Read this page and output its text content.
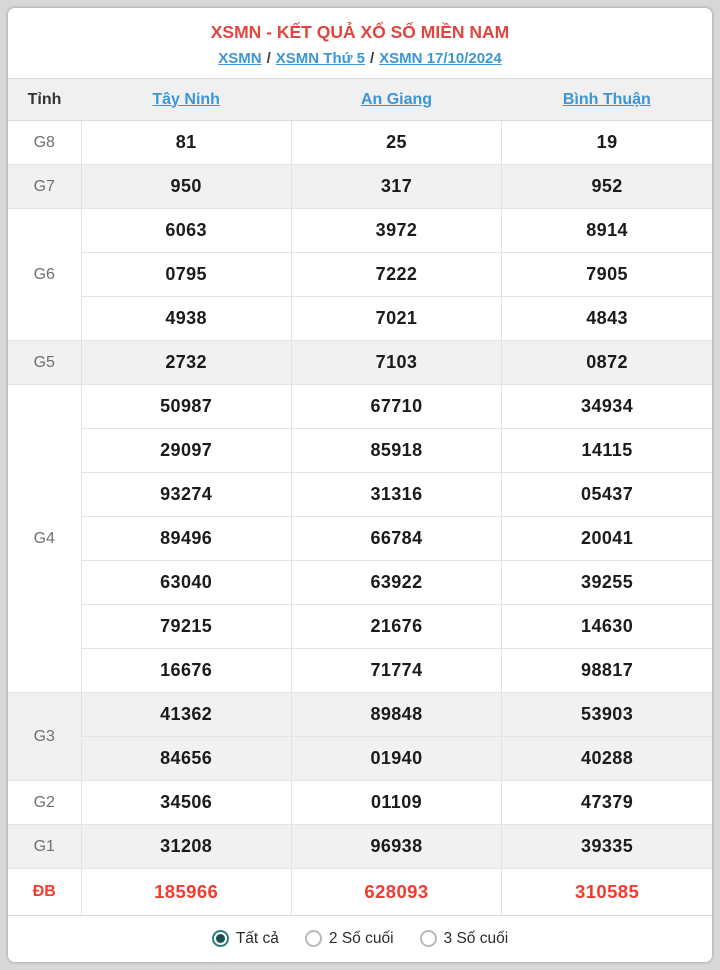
XSMN - KẾT QUẢ XỔ SỐ MIỀN NAM
XSMN / XSMN Thứ 5 / XSMN 17/10/2024
Tỉnh	Tây Ninh	An Giang	Bình Thuận
G8	81	25	19
G7	950	317	952
G6	6063	3972	8914
	0795	7222	7905
	4938	7021	4843
G5	2732	7103	0872
G4	50987	67710	34934
	29097	85918	14115
	93274	31316	05437
	89496	66784	20041
	63040	63922	39255
	79215	21676	14630
	16676	71774	98817
G3	41362	89848	53903
	84656	01940	40288
G2	34506	01109	47379
G1	31208	96938	39335
ĐB	185966	628093	310585
Tất cả	2 Số cuối	3 Số cuối
